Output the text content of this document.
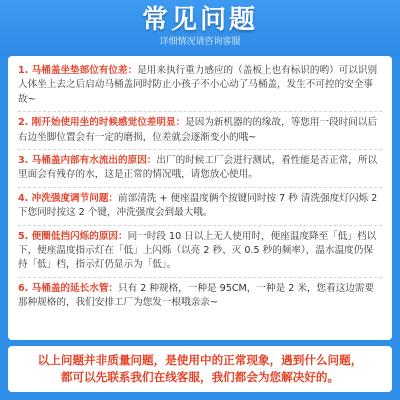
常见问题
详细情况请咨询客服
1. 马桶盖坐垫部位有位差：是用来执行重力感应的（盖板上也有标识的哟）可以识别人体坐上去之后启动马桶盖同时防止小孩子不小心动了马桶盖，发生不可控的安全事故~
2. 刚开始使用坐的时候感觉位差明显：是因为新机器的的缘故，等您用一段时间以后右边坐脚位置会有一定的磨损，位差就会逐渐变小的哦~
3. 马桶盖内部有水流出的原因：出厂的时候工厂会进行测试，看性能是否正常，所以里面会有残存的水，这是正常的情况哦，请您放心使用。
4. 冲洗强度调节问题：前部清洗 + 便座温度俩个按键同时按 7 秒 清洗强度灯闪烁 2 下您同时按这 2 个键，冲洗强度会到最大哦。
5. 便圈低挡闪烁的原因：同一时段 10 日以上无人使用时，便座温度降至「低」档以下，便座温度指示灯在「低」上闪烁（以亮 2 秒、灭 0.5 秒的频率），温水温度仍保持「低」档，指示灯仍显示为「低」。
6. 马桶盖的延长水管：只有 2 种规格，一种是 95CM，一种是 2 米，您看这边需要那种规格的，我们安排工厂为您发一根哦亲亲~
以上问题并非质量问题，是使用中的正常现象，遇到什么问题，
都可以先联系我们在线客服，我们都会为您解决好的。
